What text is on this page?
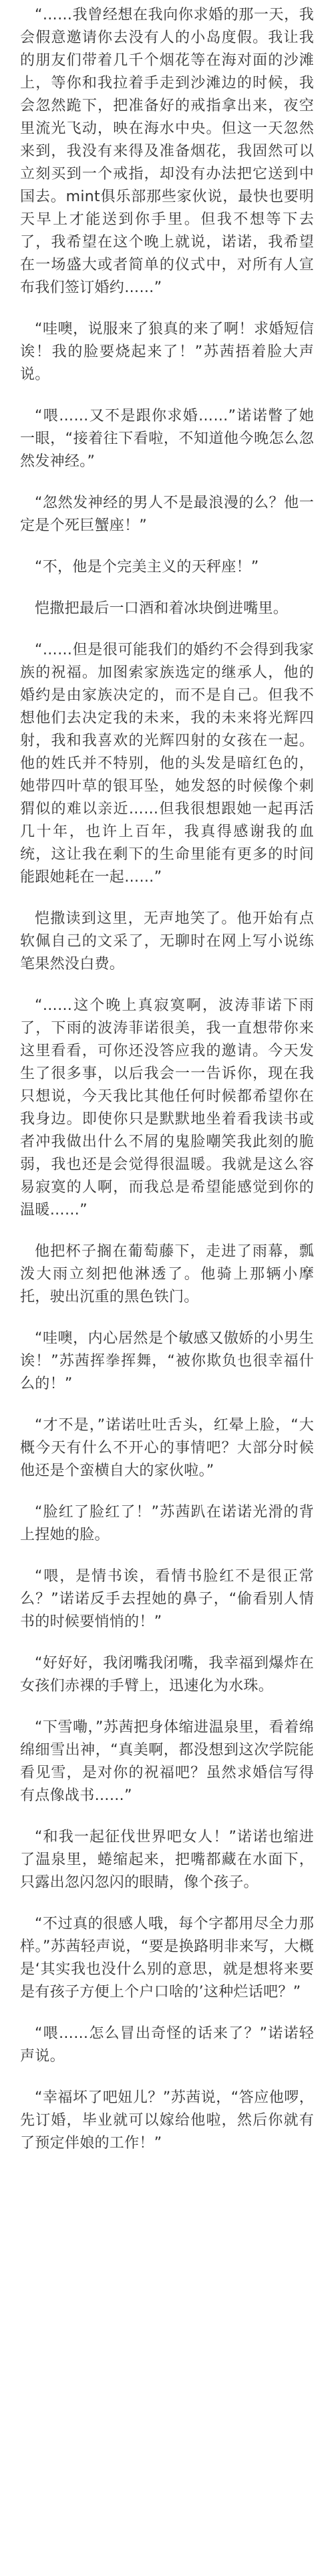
“……我曾经想在我向你求婚的那一天，我会假意邀请你去没有人的小岛度假。我让我的朋友们带着几千个烟花等在海对面的沙滩上，等你和我拉着手走到沙滩边的时候，我会忽然跪下，把准备好的戒指拿出来，夜空里流光飞动，映在海水中央。但这一天忽然来到，我没有来得及准备烟花，我固然可以立刻买到一个戒指，却没有办法把它送到中国去。mint俱乐部那些家伙说，最快也要明天早上才能送到你手里。但我不想等下去了，我希望在这个晚上就说，诺诺，我希望在一场盛大或者简单的仪式中，对所有人宣布我们签订婚约……”

“哇噢，说服来了狼真的来了啊！求婚短信诶！我的脸要烧起来了！”苏茜捂着脸大声说。

“喂……又不是跟你求婚……”诺诺瞥了她一眼，“接着往下看啦，不知道他今晚怎么忽然发神经。”

“忽然发神经的男人不是最浪漫的么？他一定是个死巨蟹座！”

“不，他是个完美主义的天秤座！”

恺撒把最后一口酒和着冰块倒进嘴里。

“……但是很可能我们的婚约不会得到我家族的祝福。加图索家族选定的继承人，他的婚约是由家族决定的，而不是自己。但我不想他们去决定我的未来，我的未来将光辉四射，我和我喜欢的光辉四射的女孩在一起。他的姓氏并不特别，他的头发是暗红色的，她带四叶草的银耳坠，她发怒的时候像个刺猬似的难以亲近……但我很想跟她一起再活几十年，也许上百年，我真得感谢我的血统，这让我在剩下的生命里能有更多的时间能跟她耗在一起……”

恺撒读到这里，无声地笑了。他开始有点软佩自己的文采了，无聊时在网上写小说练笔果然没白费。

“……这个晚上真寂寞啊，波涛菲诺下雨了，下雨的波涛菲诺很美，我一直想带你来这里看看，可你还没答应我的邀请。今天发生了很多事，以后我会一一告诉你，现在我只想说，今天我比其他任何时候都希望你在我身边。即使你只是默默地坐着看我读书或者冲我做出什么不屑的鬼脸嘲笑我此刻的脆弱，我也还是会觉得很温暖。我就是这么容易寂寞的人啊，而我总是希望能感觉到你的温暖……”

他把杯子搁在葡萄藤下，走进了雨幕，瓢泼大雨立刻把他淋透了。他骑上那辆小摩托，驶出沉重的黑色铁门。

“哇噢，内心居然是个敏感又傲娇的小男生诶！”苏茜挥拳挥舞，“被你欺负也很幸福什么的！”

“才不是，”诺诺吐吐舌头，红晕上脸，“大概今天有什么不开心的事情吧？大部分时候他还是个蛮横自大的家伙啦。”

“脸红了脸红了！”苏茜趴在诺诺光滑的背上捏她的脸。

“喂，是情书诶，看情书脸红不是很正常么？”诺诺反手去捏她的鼻子，“偷看别人情书的时候要悄悄的！”

“好好好，我闭嘴我闭嘴，我幸福到爆炸在女孩们赤裸的手臂上，迅速化为水珠。

“下雪嘞，”苏茜把身体缩进温泉里，看着绵绵细雪出神，“真美啊，都没想到这次学院能看见雪，是对你的祝福吧？虽然求婚信写得有点像战书……”

“和我一起征伐世界吧女人！”诺诺也缩进了温泉里，蜷缩起来，把嘴都藏在水面下，只露出忽闪忽闪的眼睛，像个孩子。

“不过真的很感人哦，每个字都用尽全力那样。”苏茜轻声说，“要是换路明非来写，大概是‘其实我也没什么别的意思，就是想将来要是有孩子方便上个户口啥的’这种烂话吧？”

“喂……怎么冒出奇怪的话来了？”诺诺轻声说。

“幸福坏了吧妞儿？”苏茜说，“答应他啰，先订婚，毕业就可以嫁给他啦，然后你就有了预定伴娘的工作！”
